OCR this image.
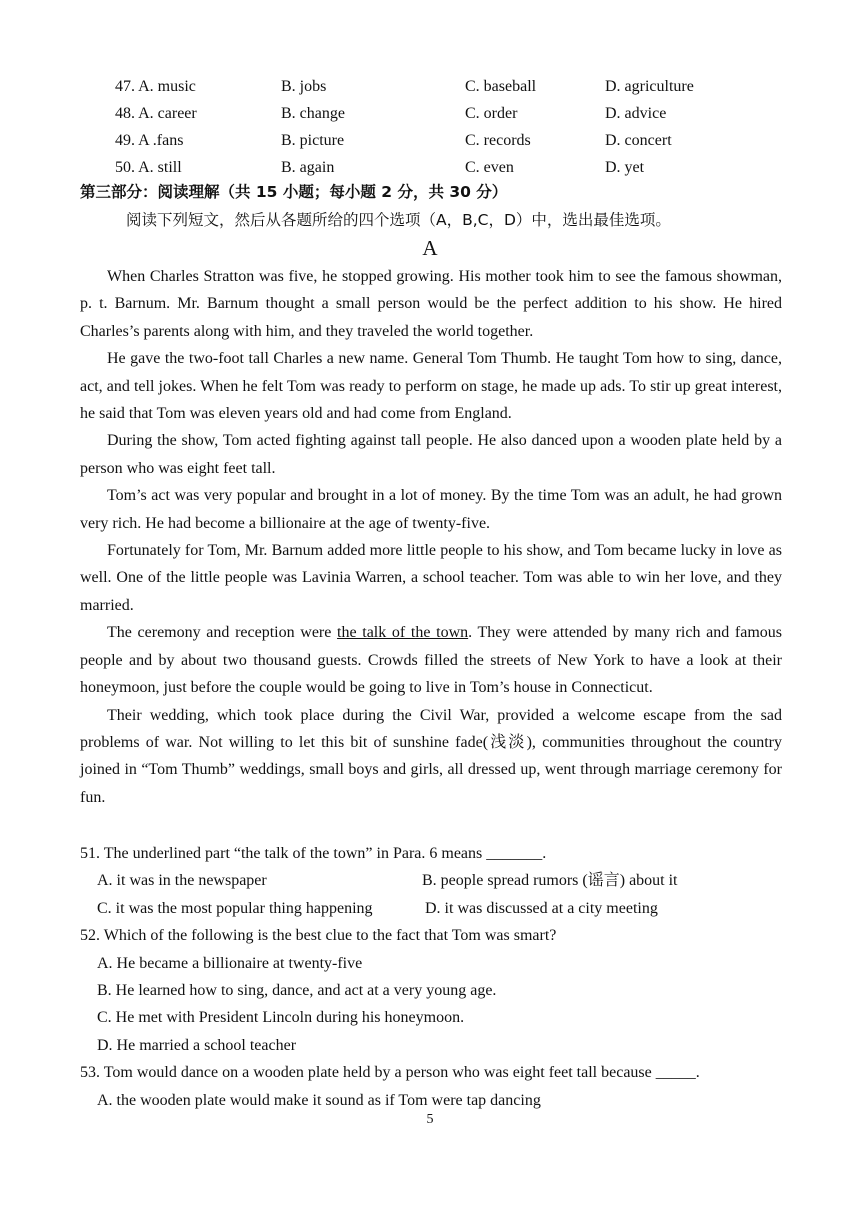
47. A. music	B. jobs	C. baseball	D. agriculture
48. A. career	B. change	C. order	D. advice
49. A .fans	B. picture	C. records	D. concert
50. A. still	B. again	C. even	D. yet
第三部分：阅读理解（共 15 小题；每小题 2 分，共 30 分）
阅读下列短文，然后从各题所给的四个选项（A，B,C，D）中，选出最佳选项。
A

When Charles Stratton was five, he stopped growing. His mother took him to see the famous showman, p. t. Barnum. Mr. Barnum thought a small person would be the perfect addition to his show. He hired Charles’s parents along with him, and they traveled the world together.

He gave the two-foot tall Charles a new name. General Tom Thumb. He taught Tom how to sing, dance, act, and tell jokes. When he felt Tom was ready to perform on stage, he made up ads. To stir up great interest, he said that Tom was eleven years old and had come from England.

During the show, Tom acted fighting against tall people. He also danced upon a wooden plate held by a person who was eight feet tall.

Tom’s act was very popular and brought in a lot of money. By the time Tom was an adult, he had grown very rich. He had become a billionaire at the age of twenty-five.

Fortunately for Tom, Mr. Barnum added more little people to his show, and Tom became lucky in love as well. One of the little people was Lavinia Warren, a school teacher. Tom was able to win her love, and they married.

The ceremony and reception were the talk of the town. They were attended by many rich and famous people and by about two thousand guests. Crowds filled the streets of New York to have a look at their honeymoon, just before the couple would be going to live in Tom’s house in Connecticut.

Their wedding, which took place during the Civil War, provided a welcome escape from the sad problems of war. Not willing to let this bit of sunshine fade(浅淡), communities throughout the country joined in “Tom Thumb” weddings, small boys and girls, all dressed up, went through marriage ceremony for fun.

51. The underlined part “the talk of the town” in Para. 6 means _______.

A. it was in the newspaper	B. people spread rumors (谣言) about it
C. it was the most popular thing happening	D. it was discussed at a city meeting

52. Which of the following is the best clue to the fact that Tom was smart?

A. He became a billionaire at twenty-five
B. He learned how to sing, dance, and act at a very young age.
C. He met with President Lincoln during his honeymoon.
D. He married a school teacher

53. Tom would dance on a wooden plate held by a person who was eight feet tall because _____.

A. the wooden plate would make it sound as if Tom were tap dancing
5
